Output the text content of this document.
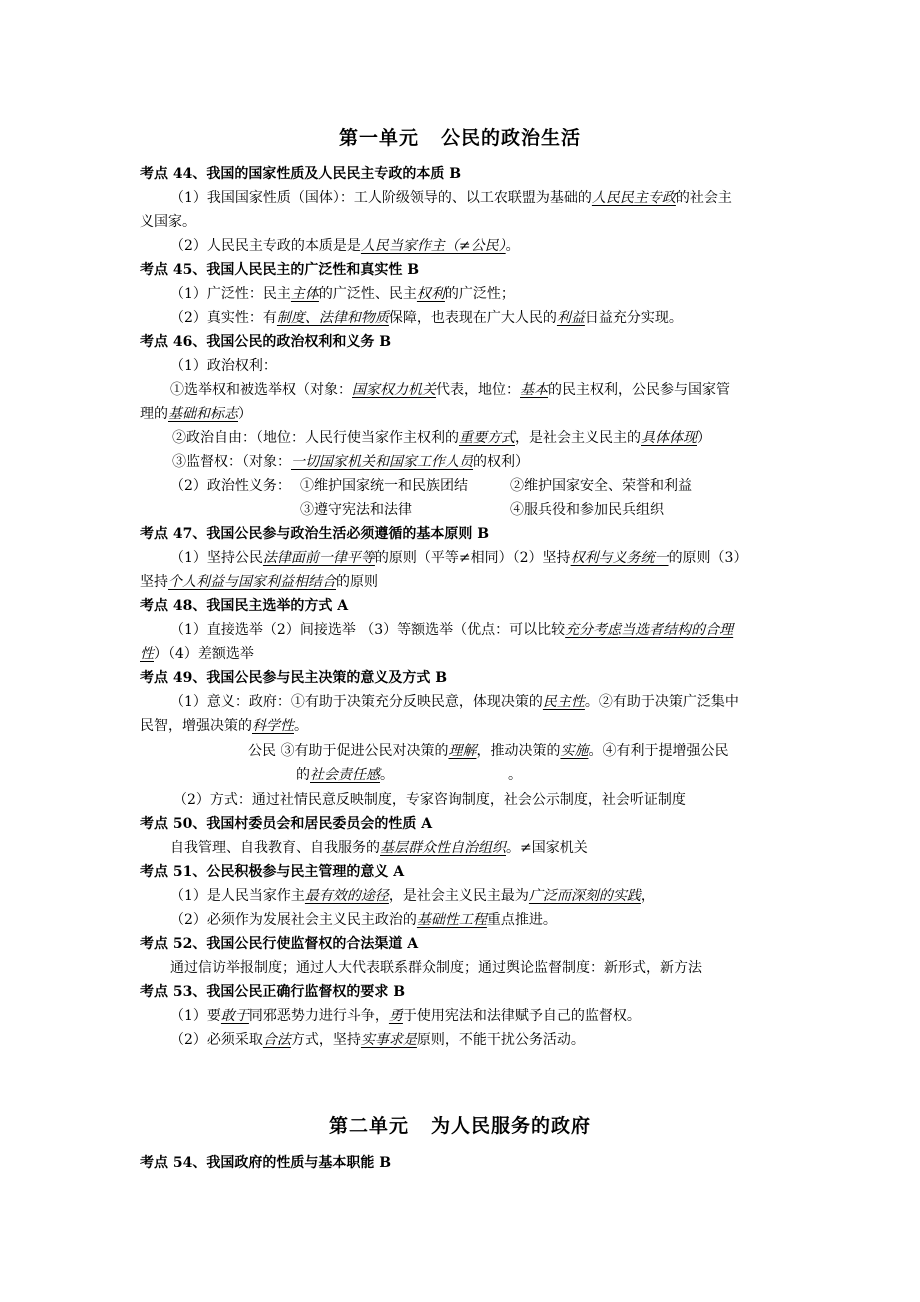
第一单元 公民的政治生活
考点 44、我国的国家性质及人民民主专政的本质 B
（1）我国国家性质（国体）：工人阶级领导的、以工农联盟为基础的人民民主专政的社会主
义国家。
（2）人民民主专政的本质是是人民当家作主（≠公民）。
考点 45、我国人民民主的广泛性和真实性 B
（1）广泛性：民主主体的广泛性、民主权利的广泛性；
（2）真实性：有制度、法律和物质保障，也表现在广大人民的利益日益充分实现。
考点 46、我国公民的政治权利和义务 B
（1）政治权利：
①选举权和被选举权（对象：国家权力机关代表，地位：基本的民主权利，公民参与国家管
理的基础和标志）
②政治自由：（地位：人民行使当家作主权利的重要方式，是社会主义民主的具体体现）
③监督权：（对象：一切国家机关和国家工作人员的权利）
（2）政治性义务： ①维护国家统一和民族团结	②维护国家安全、荣誉和利益
③遵守宪法和法律	④服兵役和参加民兵组织
考点 47、我国公民参与政治生活必须遵循的基本原则 B
（1）坚持公民法律面前一律平等的原则（平等≠相同）（2）坚持权利与义务统一的原则（3）
坚持个人利益与国家利益相结合的原则
考点 48、我国民主选举的方式 A
（1）直接选举（2）间接选举 （3）等额选举（优点：可以比较充分考虑当选者结构的合理
性）（4）差额选举
考点 49、我国公民参与民主决策的意义及方式 B
（1）意义：政府：①有助于决策充分反映民意，体现决策的民主性。②有助于决策广泛集中
民智，增强决策的科学性。
公民 ③有助于促进公民对决策的理解，推动决策的实施。④有利于提增强公民
的社会责任感。	。
（2）方式：通过社情民意反映制度，专家咨询制度，社会公示制度，社会听证制度
考点 50、我国村委员会和居民委员会的性质 A
自我管理、自我教育、自我服务的基层群众性自治组织。≠国家机关
考点 51、公民积极参与民主管理的意义 A
（1）是人民当家作主最有效的途径，是社会主义民主最为广泛而深刻的实践，
（2）必须作为发展社会主义民主政治的基础性工程重点推进。
考点 52、我国公民行使监督权的合法渠道 A
通过信访举报制度；通过人大代表联系群众制度；通过舆论监督制度：新形式，新方法
考点 53、我国公民正确行监督权的要求 B
（1）要敢于同邪恶势力进行斗争，勇于使用宪法和法律赋予自己的监督权。
（2）必须采取合法方式，坚持实事求是原则，不能干扰公务活动。
第二单元 为人民服务的政府
考点 54、我国政府的性质与基本职能 B
